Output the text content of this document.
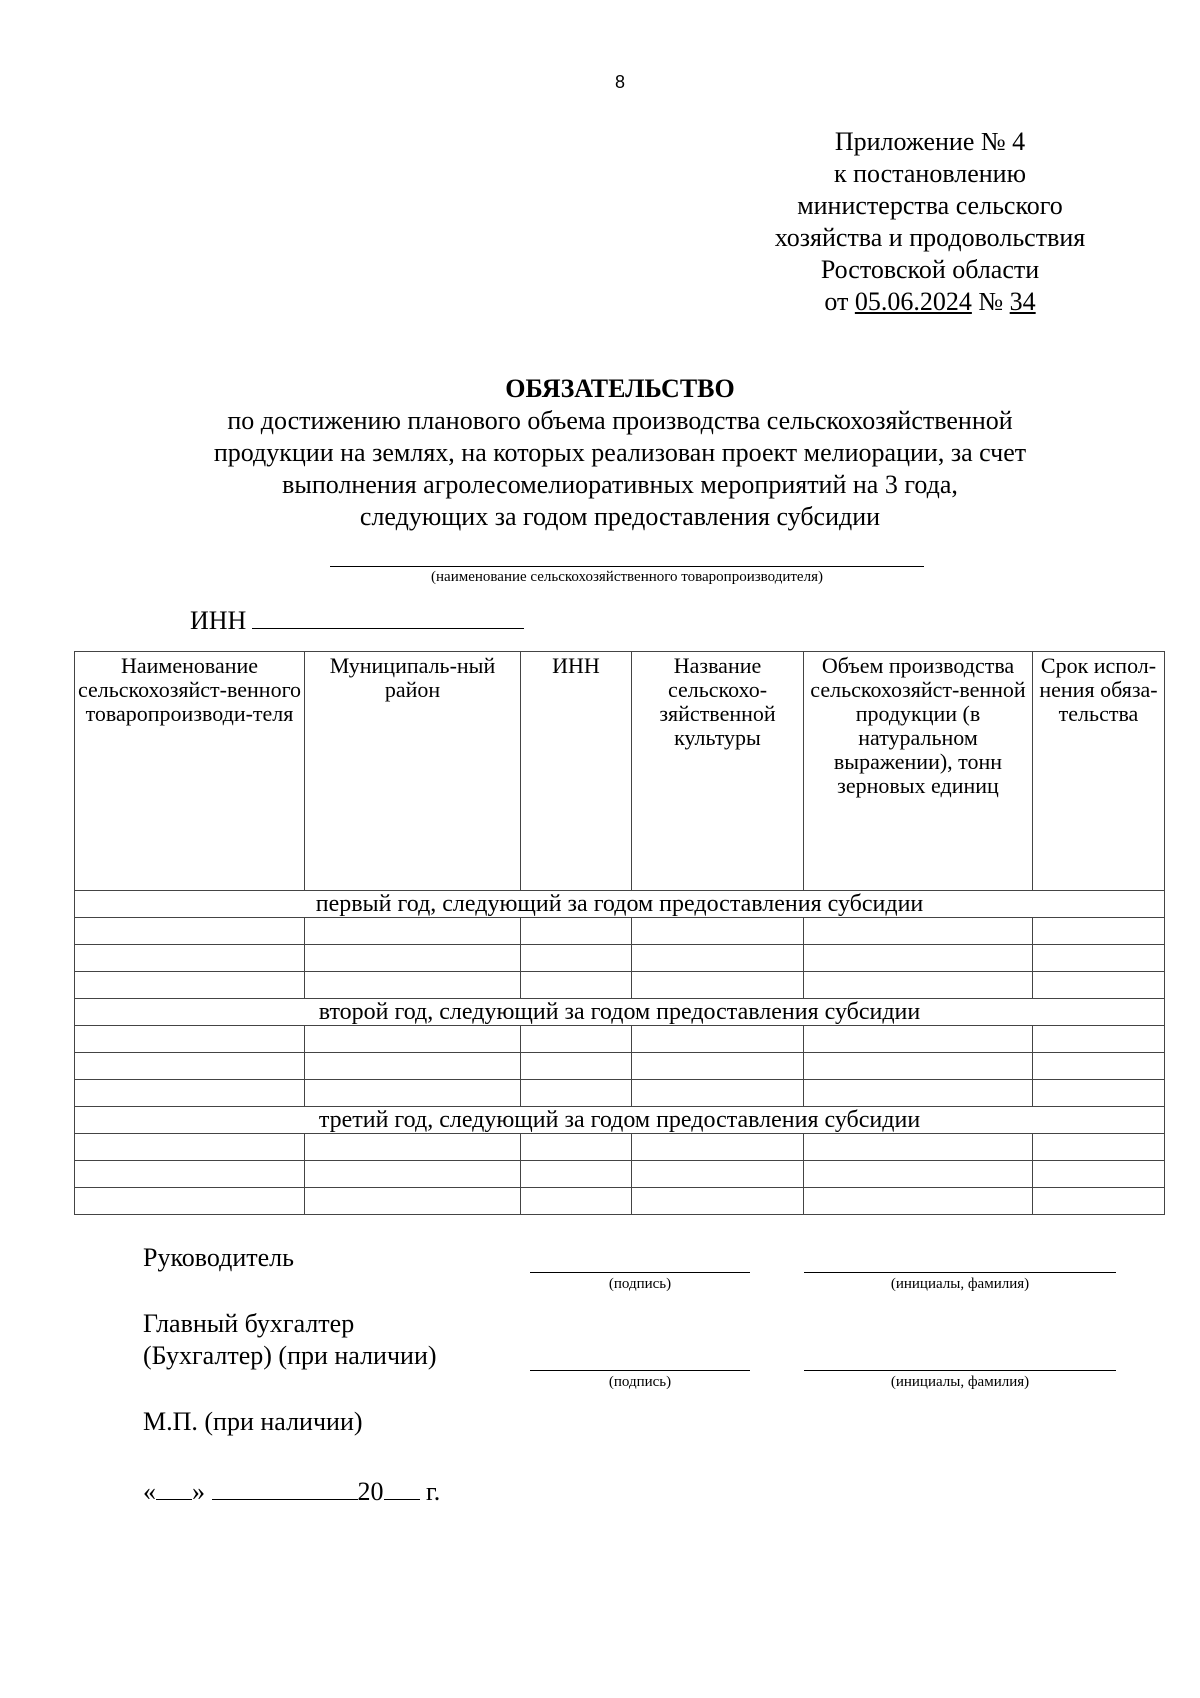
8
Приложение № 4
к постановлению
министерства сельского
хозяйства и продовольствия
Ростовской области
от 05.06.2024 № 34
ОБЯЗАТЕЛЬСТВО
по достижению планового объема производства сельскохозяйственной
продукции на землях, на которых реализован проект мелиорации, за счет
выполнения агролесомелиоративных мероприятий на 3 года,
следующих за годом предоставления субсидии
(наименование сельскохозяйственного товаропроизводителя)
ИНН
Наименование сельскохозяйст-венного товаропроизводи-теля	Муниципаль-ный район	ИНН	Название сельскохо-зяйственной культуры	Объем производства сельскохозяйст-венной продукции (в натуральном выражении), тонн зерновых единиц	Срок испол-нения обяза-тельства
первый год, следующий за годом предоставления субсидии					

второй год, следующий за годом предоставления субсидии					

третий год, следующий за годом предоставления субсидии					

Руководитель
(подпись)	(инициалы, фамилия)
Главный бухгалтер
(Бухгалтер) (при наличии)
(подпись)	(инициалы, фамилия)
М.П. (при наличии)
« »	20 г.
